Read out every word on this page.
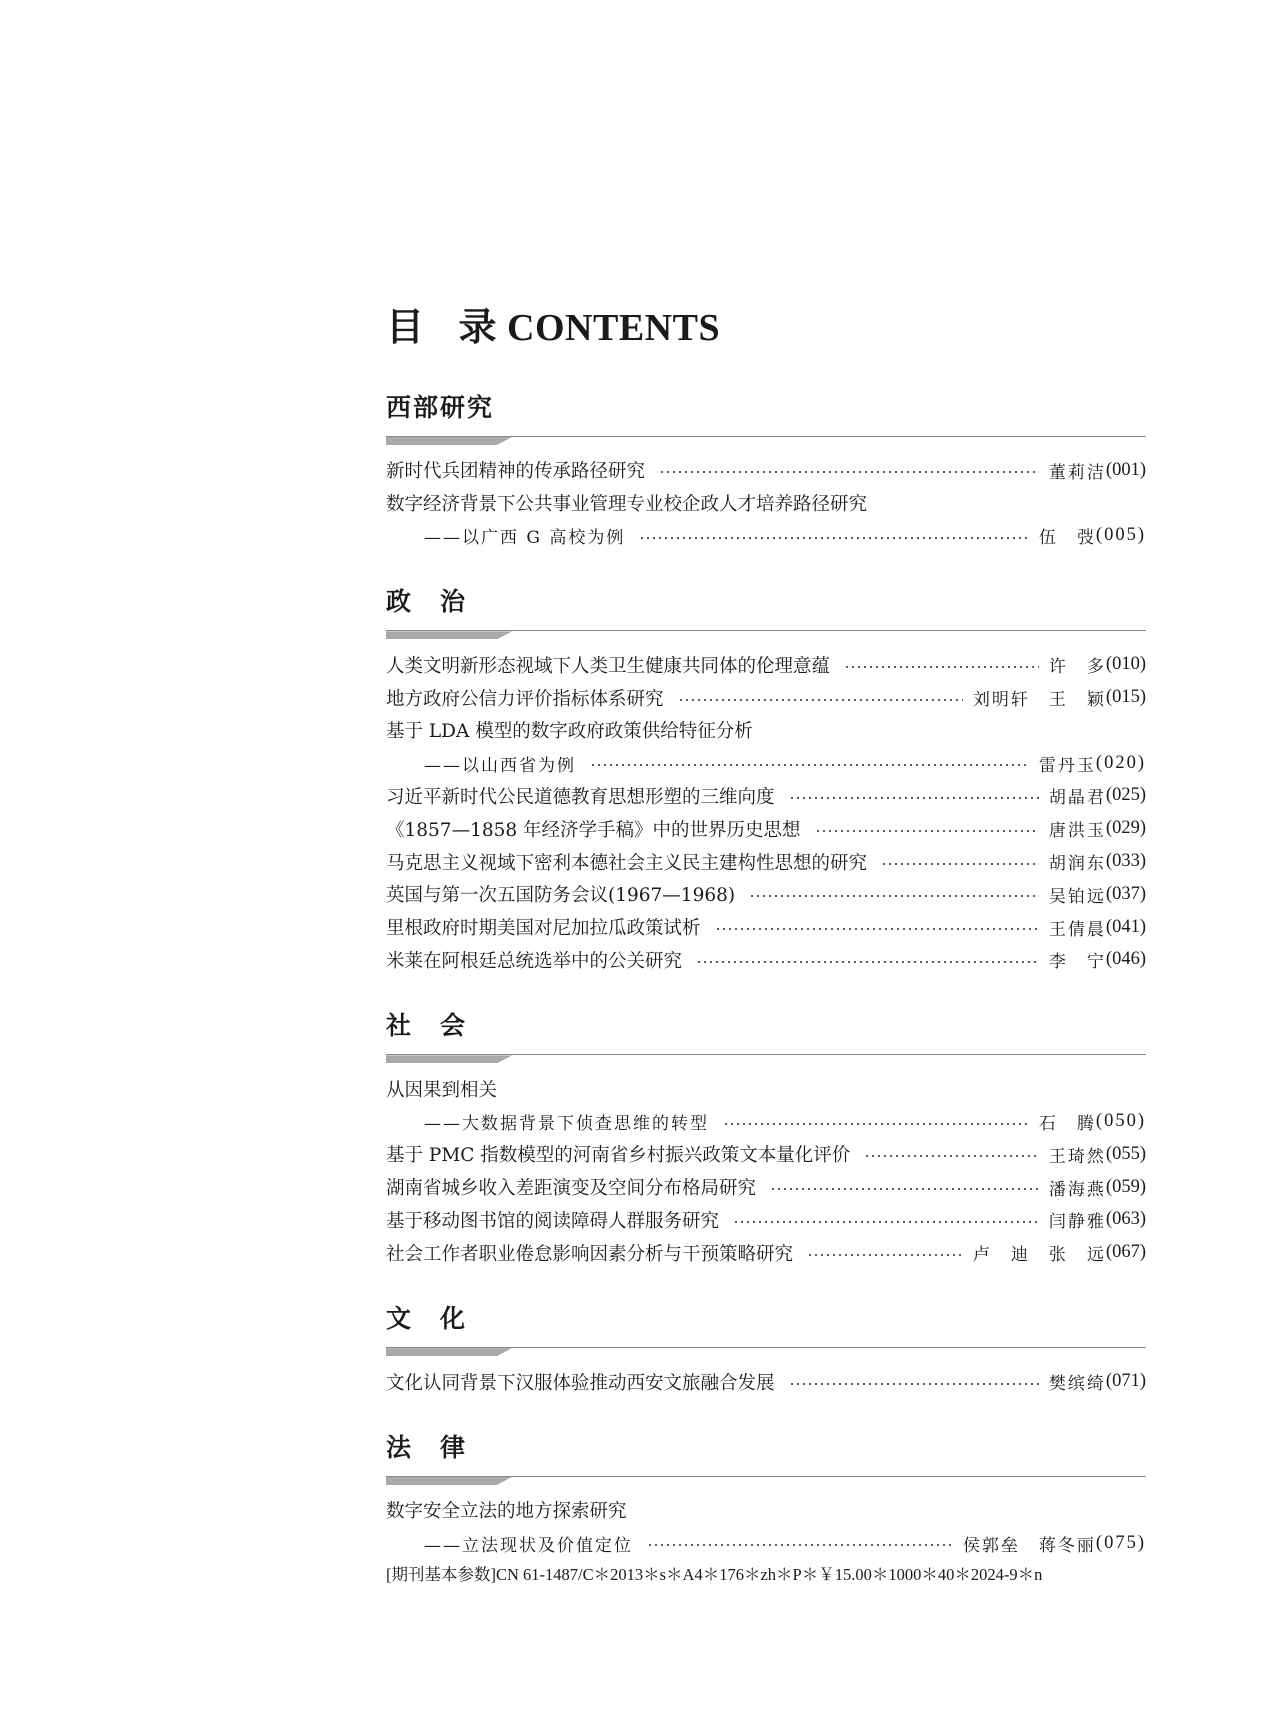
目 录 CONTENTS
西部研究
新时代兵团精神的传承路径研究	董莉洁 (001)
数字经济背景下公共事业管理专业校企政人才培养路径研究
——以广西 G 高校为例	伍　弢 (005)
政　治
人类文明新形态视域下人类卫生健康共同体的伦理意蕴	许　多 (010)
地方政府公信力评价指标体系研究	刘明轩　王　颖 (015)
基于 LDA 模型的数字政府政策供给特征分析
——以山西省为例	雷丹玉 (020)
习近平新时代公民道德教育思想形塑的三维向度	胡晶君 (025)
《1857—1858 年经济学手稿》中的世界历史思想	唐洪玉 (029)
马克思主义视域下密利本德社会主义民主建构性思想的研究	胡润东 (033)
英国与第一次五国防务会议(1967—1968)	吴铂远 (037)
里根政府时期美国对尼加拉瓜政策试析	王倩晨 (041)
米莱在阿根廷总统选举中的公关研究	李　宁 (046)
社　会
从因果到相关
——大数据背景下侦查思维的转型	石　腾 (050)
基于 PMC 指数模型的河南省乡村振兴政策文本量化评价	王琦然 (055)
湖南省城乡收入差距演变及空间分布格局研究	潘海燕 (059)
基于移动图书馆的阅读障碍人群服务研究	闫静雅 (063)
社会工作者职业倦怠影响因素分析与干预策略研究	卢　迪　张　远 (067)
文　化
文化认同背景下汉服体验推动西安文旅融合发展	樊缤绮 (071)
法　律
数字安全立法的地方探索研究
——立法现状及价值定位	侯郭垒　蒋冬丽 (075)
[期刊基本参数]CN 61-1487/C＊2013＊s＊A4＊176＊zh＊P＊￥15.00＊1000＊40＊2024-9＊n
